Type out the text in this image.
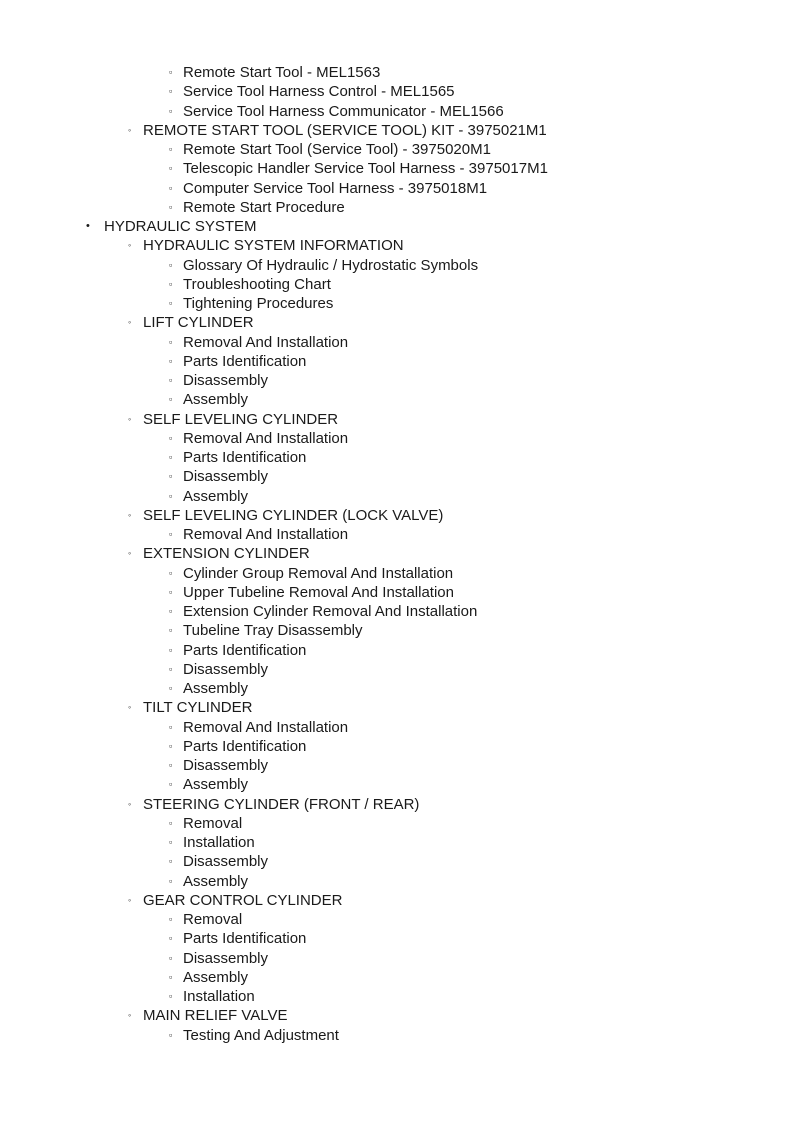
▫ Remote Start Tool - MEL1563
▫ Service Tool Harness Control - MEL1565
▫ Service Tool Harness Communicator - MEL1566
◦ REMOTE START TOOL (SERVICE TOOL) KIT - 3975021M1
▫ Remote Start Tool (Service Tool) - 3975020M1
▫ Telescopic Handler Service Tool Harness - 3975017M1
▫ Computer Service Tool Harness - 3975018M1
▫ Remote Start Procedure
• HYDRAULIC SYSTEM
◦ HYDRAULIC SYSTEM INFORMATION
▫ Glossary Of Hydraulic / Hydrostatic Symbols
▫ Troubleshooting Chart
▫ Tightening Procedures
◦ LIFT CYLINDER
▫ Removal And Installation
▫ Parts Identification
▫ Disassembly
▫ Assembly
◦ SELF LEVELING CYLINDER
▫ Removal And Installation
▫ Parts Identification
▫ Disassembly
▫ Assembly
◦ SELF LEVELING CYLINDER (LOCK VALVE)
▫ Removal And Installation
◦ EXTENSION CYLINDER
▫ Cylinder Group Removal And Installation
▫ Upper Tubeline Removal And Installation
▫ Extension Cylinder Removal And Installation
▫ Tubeline Tray Disassembly
▫ Parts Identification
▫ Disassembly
▫ Assembly
◦ TILT CYLINDER
▫ Removal And Installation
▫ Parts Identification
▫ Disassembly
▫ Assembly
◦ STEERING CYLINDER (FRONT / REAR)
▫ Removal
▫ Installation
▫ Disassembly
▫ Assembly
◦ GEAR CONTROL CYLINDER
▫ Removal
▫ Parts Identification
▫ Disassembly
▫ Assembly
▫ Installation
◦ MAIN RELIEF VALVE
▫ Testing And Adjustment
